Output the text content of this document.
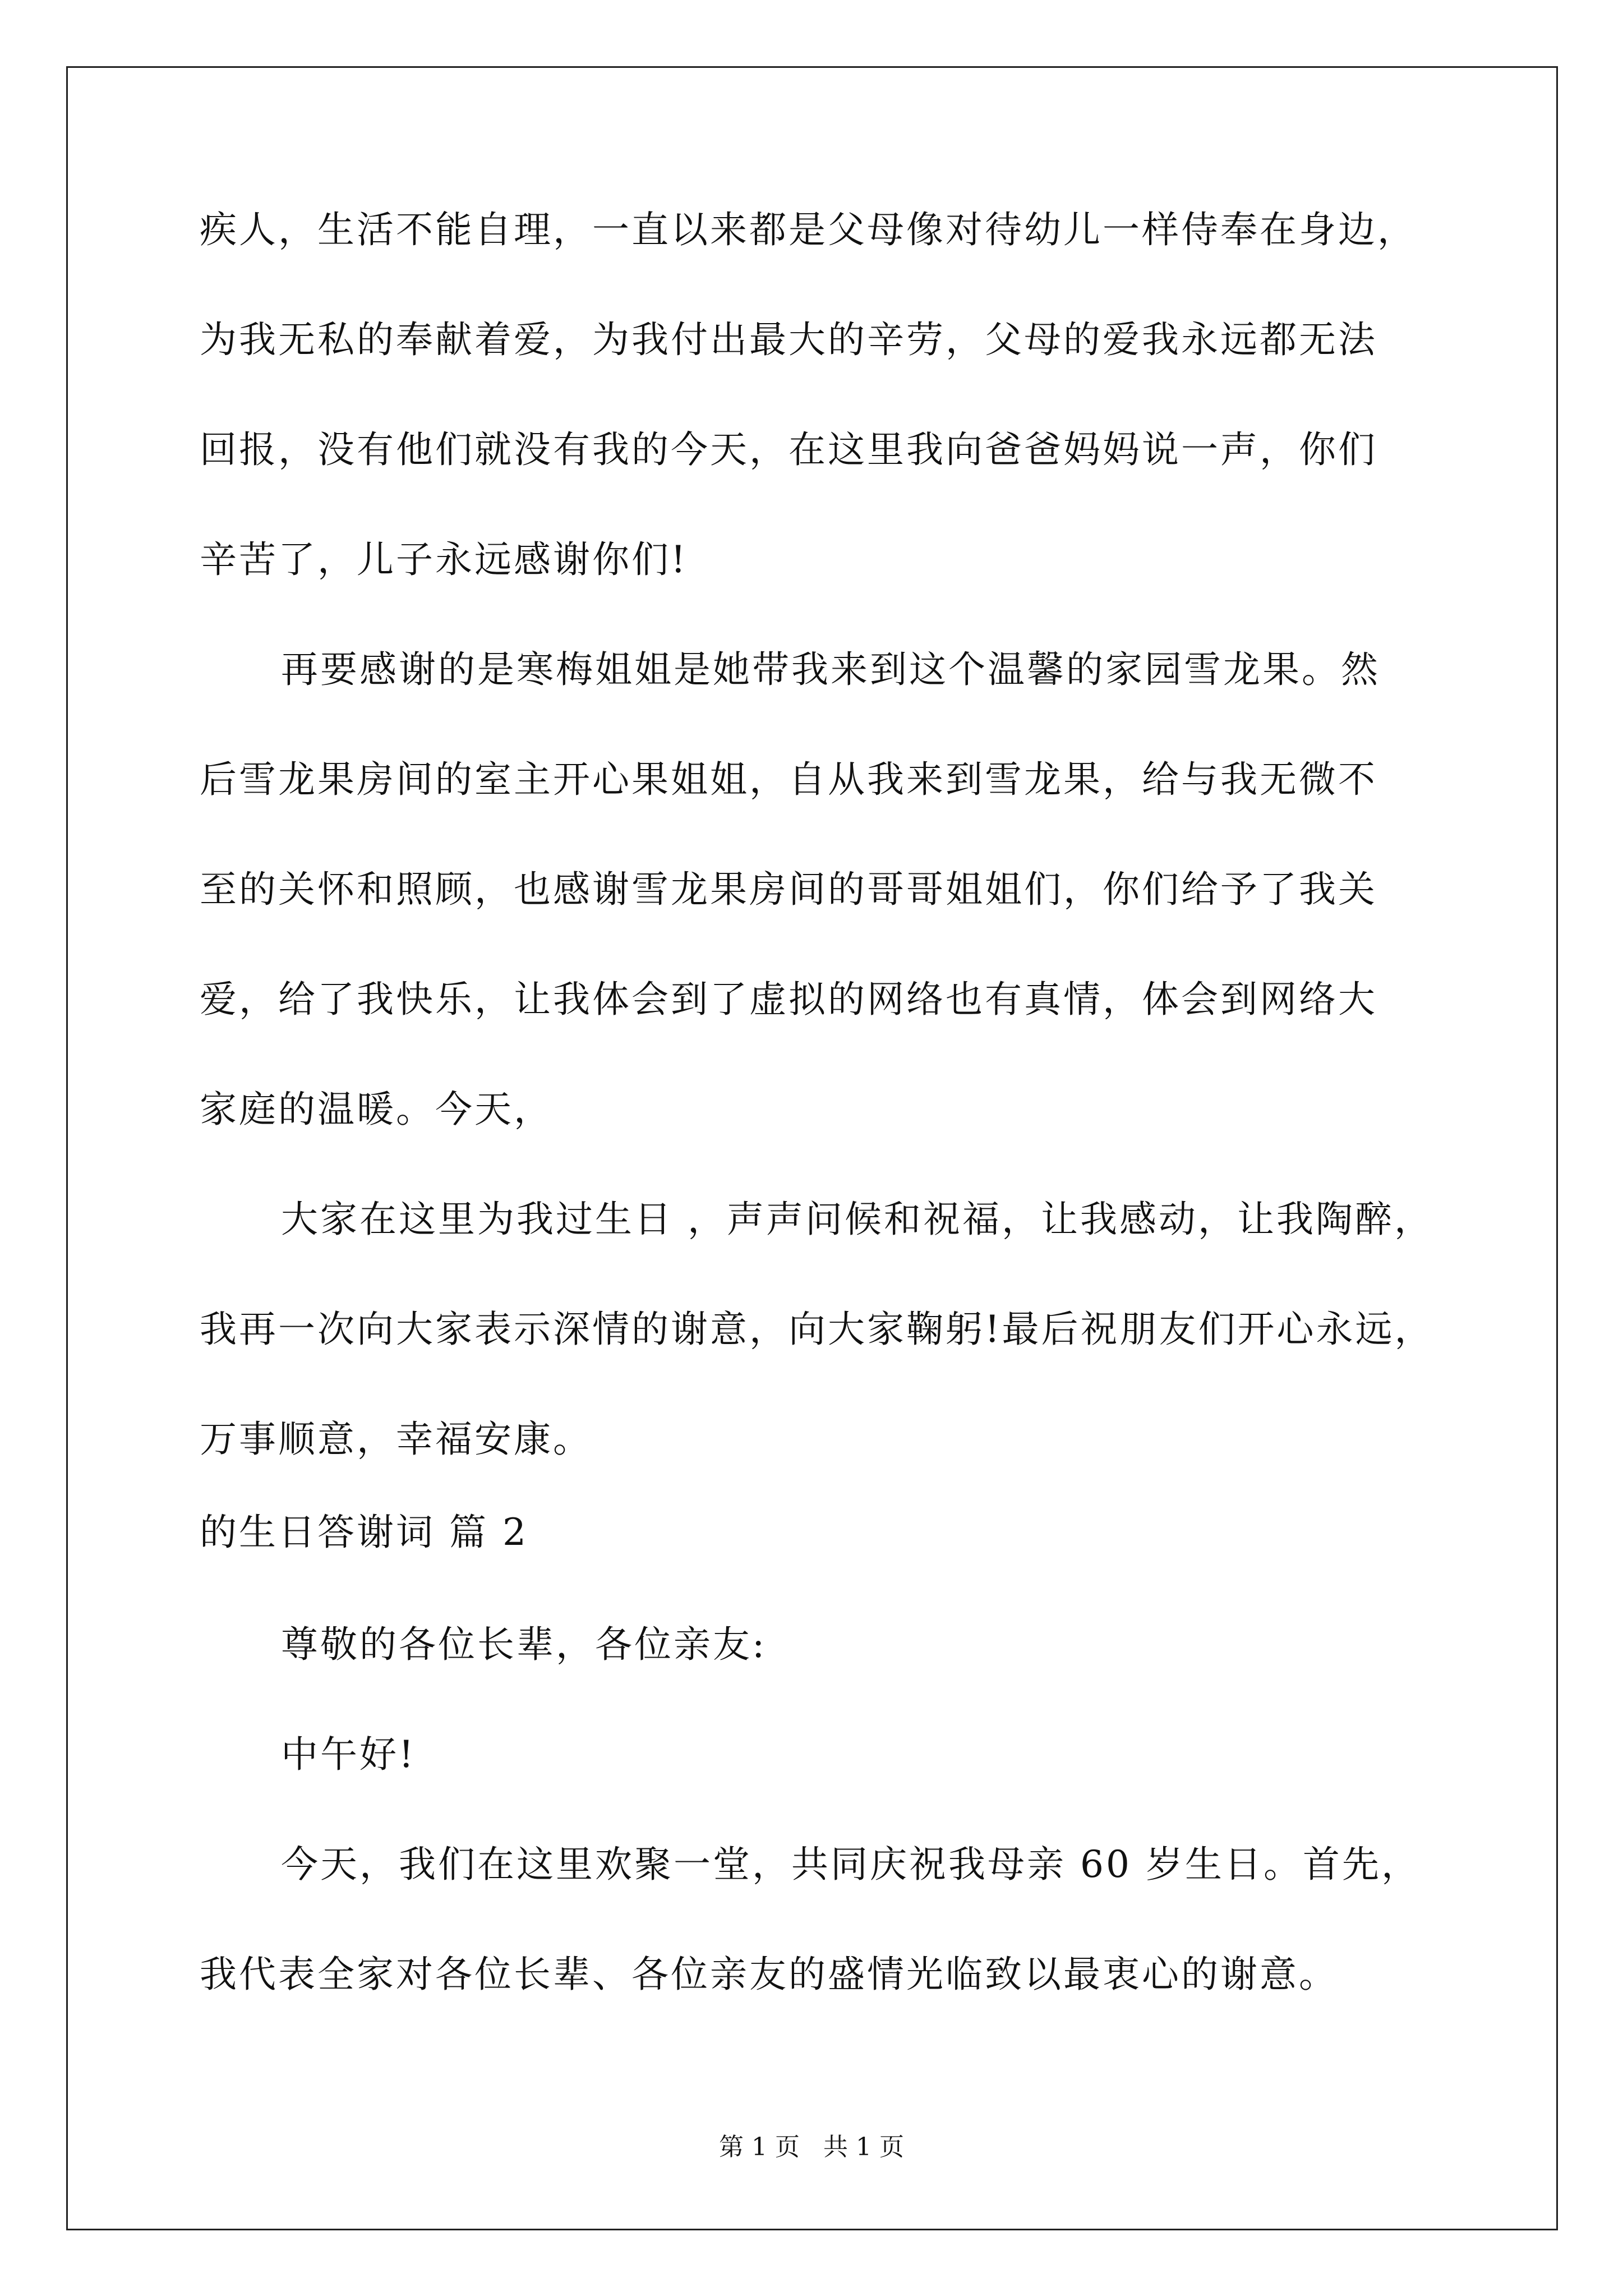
疾人，生活不能自理，一直以来都是父母像对待幼儿一样侍奉在身边，
为我无私的奉献着爱，为我付出最大的辛劳，父母的爱我永远都无法
回报，没有他们就没有我的今天，在这里我向爸爸妈妈说一声，你们
辛苦了，儿子永远感谢你们!
再要感谢的是寒梅姐姐是她带我来到这个温馨的家园雪龙果。然
后雪龙果房间的室主开心果姐姐，自从我来到雪龙果，给与我无微不
至的关怀和照顾，也感谢雪龙果房间的哥哥姐姐们，你们给予了我关
爱，给了我快乐，让我体会到了虚拟的网络也有真情，体会到网络大
家庭的温暖。今天，
大家在这里为我过生日 ，声声问候和祝福，让我感动，让我陶醉，
我再一次向大家表示深情的谢意，向大家鞠躬!最后祝朋友们开心永远，
万事顺意，幸福安康。
的生日答谢词 篇 2
尊敬的各位长辈，各位亲友:
中午好!
今天，我们在这里欢聚一堂，共同庆祝我母亲 60 岁生日。首先，
我代表全家对各位长辈、各位亲友的盛情光临致以最衷心的谢意。
第 1 页 共 1 页
